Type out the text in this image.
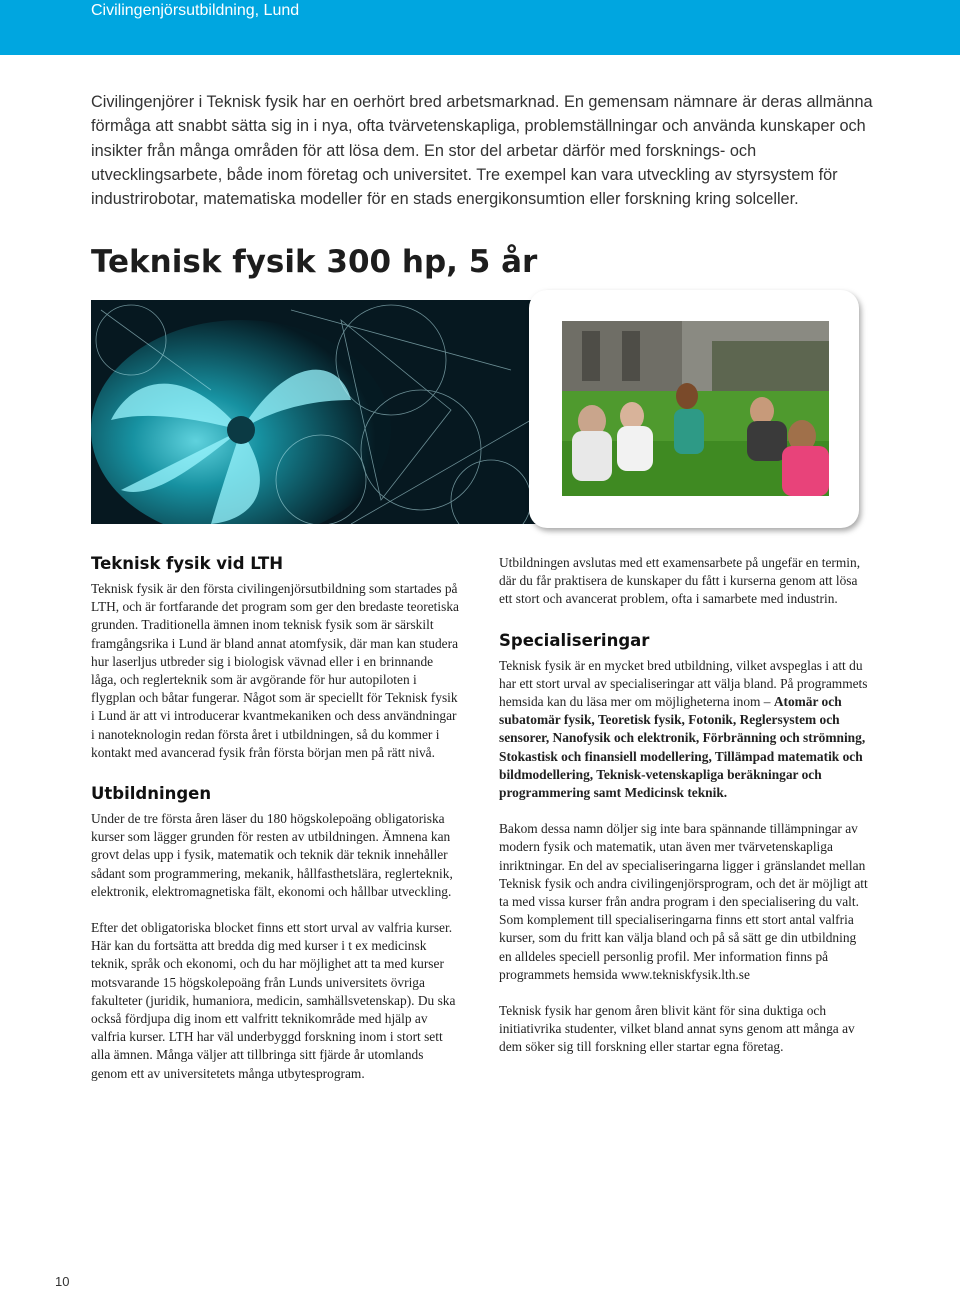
Civilingenjörsutbildning, Lund

Civilingenjörer i Teknisk fysik har en oerhört bred arbetsmarknad. En gemensam nämnare är deras allmänna förmåga att snabbt sätta sig in i nya, ofta tvärvetenskapliga, problemställningar och använda kunskaper och insikter från många områden för att lösa dem. En stor del arbetar därför med forsknings- och utvecklingsarbete, både inom företag och universitet. Tre exempel kan vara utveckling av styrsystem för industrirobotar, matematiska modeller för en stads energikonsumtion eller forskning kring solceller.

Teknisk fysik 300 hp, 5 år
Teknisk fysik vid LTH

Teknisk fysik är den första civilingenjörsutbildning som startades på LTH, och är fortfarande det program som ger den bredaste teoretiska grunden. Traditionella ämnen inom teknisk fysik som är särskilt framgångsrika i Lund är bland annat atomfysik, där man kan studera hur laserljus utbreder sig i biologisk vävnad eller i en brinnande låga, och reglerteknik som är avgörande för hur autopiloten i flygplan och båtar fungerar. Något som är speciellt för Teknisk fysik i Lund är att vi introducerar kvantmekaniken och dess användningar i nanoteknologin redan första året i utbildningen, så du kommer i kontakt med avancerad fysik från första början men på rätt nivå.

Utbildningen

Under de tre första åren läser du 180 högskolepoäng obligatoriska kurser som lägger grunden för resten av utbildningen. Ämnena kan grovt delas upp i fysik, matematik och teknik där teknik innehåller sådant som programmering, mekanik, hållfasthetslära, reglerteknik, elektronik, elektromagnetiska fält, ekonomi och hållbar utveckling.

Efter det obligatoriska blocket finns ett stort urval av valfria kurser. Här kan du fortsätta att bredda dig med kurser i t ex medicinsk teknik, språk och ekonomi, och du har möjlighet att ta med kurser motsvarande 15 högskolepoäng från Lunds universitets övriga fakulteter (juridik, humaniora, medicin, samhällsvetenskap). Du ska också fördjupa dig inom ett valfritt teknikområde med hjälp av valfria kurser. LTH har väl underbyggd forskning inom i stort sett alla ämnen. Många väljer att tillbringa sitt fjärde år utomlands genom ett av universitetets många utbytesprogram.

Utbildningen avslutas med ett examensarbete på ungefär en termin, där du får praktisera de kunskaper du fått i kurserna genom att lösa ett stort och avancerat problem, ofta i samarbete med industrin.

Specialiseringar

Teknisk fysik är en mycket bred utbildning, vilket avspeglas i att du har ett stort urval av specialiseringar att välja bland. På programmets hemsida kan du läsa mer om möjligheterna inom – Atomär och subatomär fysik, Teoretisk fysik, Fotonik, Reglersystem och sensorer, Nanofysik och elektronik, Förbränning och strömning, Stokastisk och finansiell modellering, Tillämpad matematik och bildmodellering, Teknisk-vetenskapliga beräkningar och programmering samt Medicinsk teknik.

Bakom dessa namn döljer sig inte bara spännande tillämpningar av modern fysik och matematik, utan även mer tvärvetenskapliga inriktningar. En del av specialiseringarna ligger i gränslandet mellan Teknisk fysik och andra civilingenjörsprogram, och det är möjligt att ta med vissa kurser från andra program i den specialisering du valt. Som komplement till specialiseringarna finns ett stort antal valfria kurser, som du fritt kan välja bland och på så sätt ge din utbildning en alldeles speciell personlig profil. Mer information finns på programmets hemsida www.tekniskfysik.lth.se

Teknisk fysik har genom åren blivit känt för sina duktiga och initiativrika studenter, vilket bland annat syns genom att många av dem söker sig till forskning eller startar egna företag.

10
